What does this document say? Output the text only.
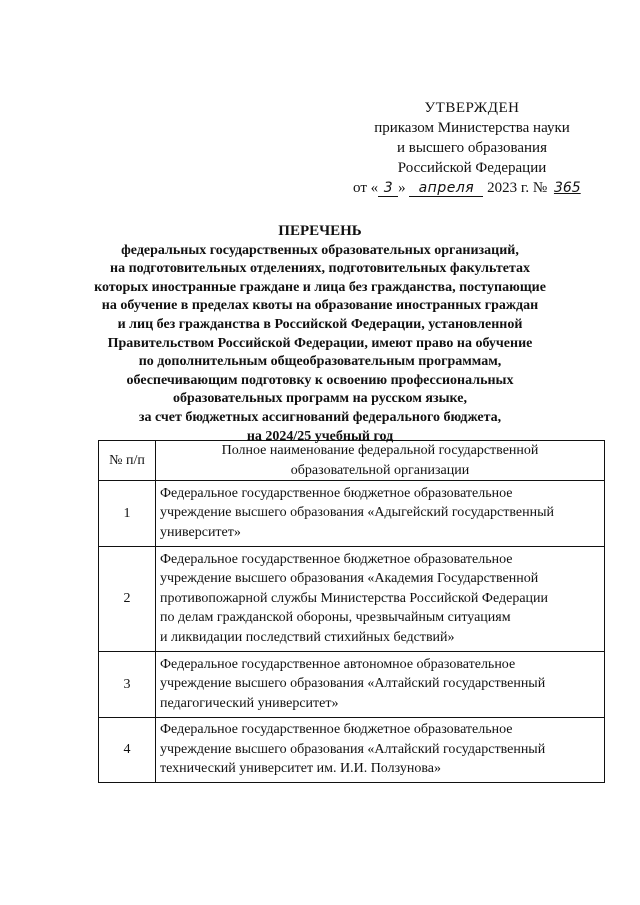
УТВЕРЖДЕН
приказом Министерства науки
и высшего образования
Российской Федерации
от « 3 » апреля 2023 г. № 365
ПЕРЕЧЕНЬ
федеральных государственных образовательных организаций,
на подготовительных отделениях, подготовительных факультетах
которых иностранные граждане и лица без гражданства, поступающие
на обучение в пределах квоты на образование иностранных граждан
и лиц без гражданства в Российской Федерации, установленной
Правительством Российской Федерации, имеют право на обучение
по дополнительным общеобразовательным программам,
обеспечивающим подготовку к освоению профессиональных
образовательных программ на русском языке,
за счет бюджетных ассигнований федерального бюджета,
на 2024/25 учебный год
№ п/п	Полное наименование федеральной государственной
образовательной организации

1	Федеральное государственное бюджетное образовательное
учреждение высшего образования «Адыгейский государственный
университет»

2	Федеральное государственное бюджетное образовательное
учреждение высшего образования «Академия Государственной
противопожарной службы Министерства Российской Федерации
по делам гражданской обороны, чрезвычайным ситуациям
и ликвидации последствий стихийных бедствий»

3	Федеральное государственное автономное образовательное
учреждение высшего образования «Алтайский государственный
педагогический университет»

4	Федеральное государственное бюджетное образовательное
учреждение высшего образования «Алтайский государственный
технический университет им. И.И. Ползунова»
